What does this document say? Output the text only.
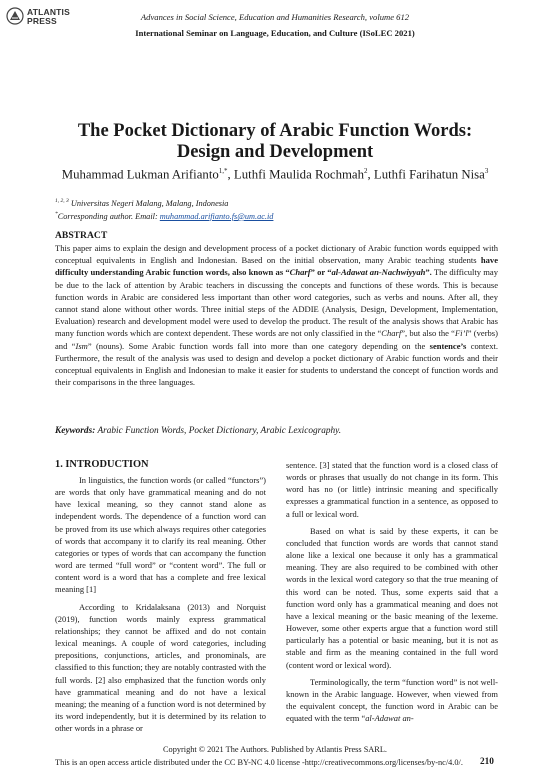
ATLANTIS
PRESS	Advances in Social Science, Education and Humanities Research, volume 612
International Seminar on Language, Education, and Culture (ISoLEC 2021)
The Pocket Dictionary of Arabic Function Words:
Design and Development
Muhammad Lukman Arifianto$^{1,*}$, Luthfi Maulida Rochmah$^2$, Luthfi Farihatun Nisa$^3$
$^{1, 2, 3}$ Universitas Negeri Malang, Malang, Indonesia
*Corresponding author. Email: muhammad.arifianto.fs@um.ac.id
ABSTRACT
This paper aims to explain the design and development process of a pocket dictionary of Arabic function words equipped with conceptual equivalents in English and Indonesian. Based on the initial observation, many Arabic teaching students have difficulty understanding Arabic function words, also known as “Charf” or “al-Adawat an-Nachwiyyah”. The difficulty may be due to the lack of attention by Arabic teachers in discussing the concepts and functions of these words. This is because function words in Arabic are considered less important than other word categories, such as verbs and nouns. After all, they cannot stand alone without other words. Three initial steps of the ADDIE (Analysis, Design, Development, Implementation, Evaluation) research and development model were used to develop the product. The result of the analysis shows that Arabic has many function words which are context dependent. These words are not only classified in the “Charf”, but also the “Fi’l” (verbs) and “Ism” (nouns). Some Arabic function words fall into more than one category depending on the sentence’s context. Furthermore, the result of the analysis was used to design and develop a pocket dictionary of Arabic function words and their conceptual equivalents in English and Indonesian to make it easier for students to understand the concept of function words and their comparisons in the three languages.
Keywords: Arabic Function Words, Pocket Dictionary, Arabic Lexicography.
1. INTRODUCTION

In linguistics, the function words (or called “functors”) are words that only have grammatical meaning and do not have lexical meaning, so they cannot stand alone as independent words. The dependence of a function word can be proved from its use which always requires other categories of words that accompany it to clarify its real meaning. Other categories or types of words that can accompany the function word are termed “full word” or “content word”. The full or content word is a word that has a complete and free lexical meaning [1]

According to Kridalaksana (2013) and Norquist (2019), function words mainly express grammatical relationships; they cannot be affixed and do not contain lexical meanings. A couple of word categories, including prepositions, conjunctions, articles, and pronominals, are classified to this function; they are notably contrasted with the full words. [2] also emphasized that the function words only have grammatical meaning and do not have a lexical meaning; the meaning of a function word is not determined by its word independently, but it is determined by its relation to other words in a phrase or

sentence. [3] stated that the function word is a closed class of words or phrases that usually do not change in its form. This word has no (or little) intrinsic meaning and specifically expresses a grammatical function in a sentence, as opposed to a full or lexical word.

Based on what is said by these experts, it can be concluded that function words are words that cannot stand alone like a lexical one because it only has a grammatical meaning. They are also required to be combined with other words in the lexical word category so that the true meaning of this word can be noted. Thus, some experts said that a function word only has a grammatical meaning and does not have a lexical meaning or the basic meaning of the lexeme. However, some other experts argue that a function word still particularly has a potential or basic meaning, but it is not as stable and firm as the meaning contained in the full word (content word or lexical word).

Terminologically, the term “function word” is not well-known in the Arabic language. However, when viewed from the equivalent concept, the function word in Arabic can be equated with the term “al-Adawat an-

Copyright © 2021 The Authors. Published by Atlantis Press SARL.
This is an open access article distributed under the CC BY-NC 4.0 license -http://creativecommons.org/licenses/by-nc/4.0/. 210
